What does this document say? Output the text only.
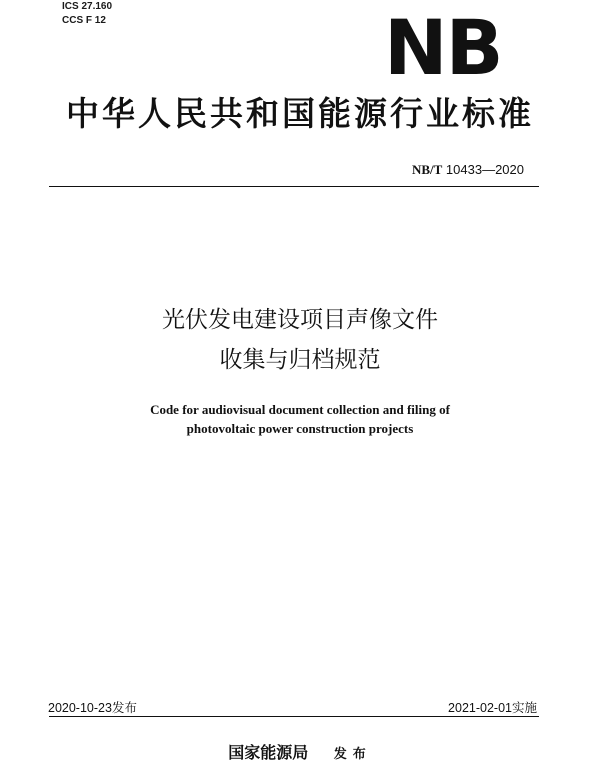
ICS 27.160
CCS F 12	NB
中华人民共和国能源行业标准
NB/T 10433—2020
光伏发电建设项目声像文件
收集与归档规范
Code for audiovisual document collection and filing of
photovoltaic power construction projects
2020-10-23发布	2021-02-01实施
国家能源局 发布
